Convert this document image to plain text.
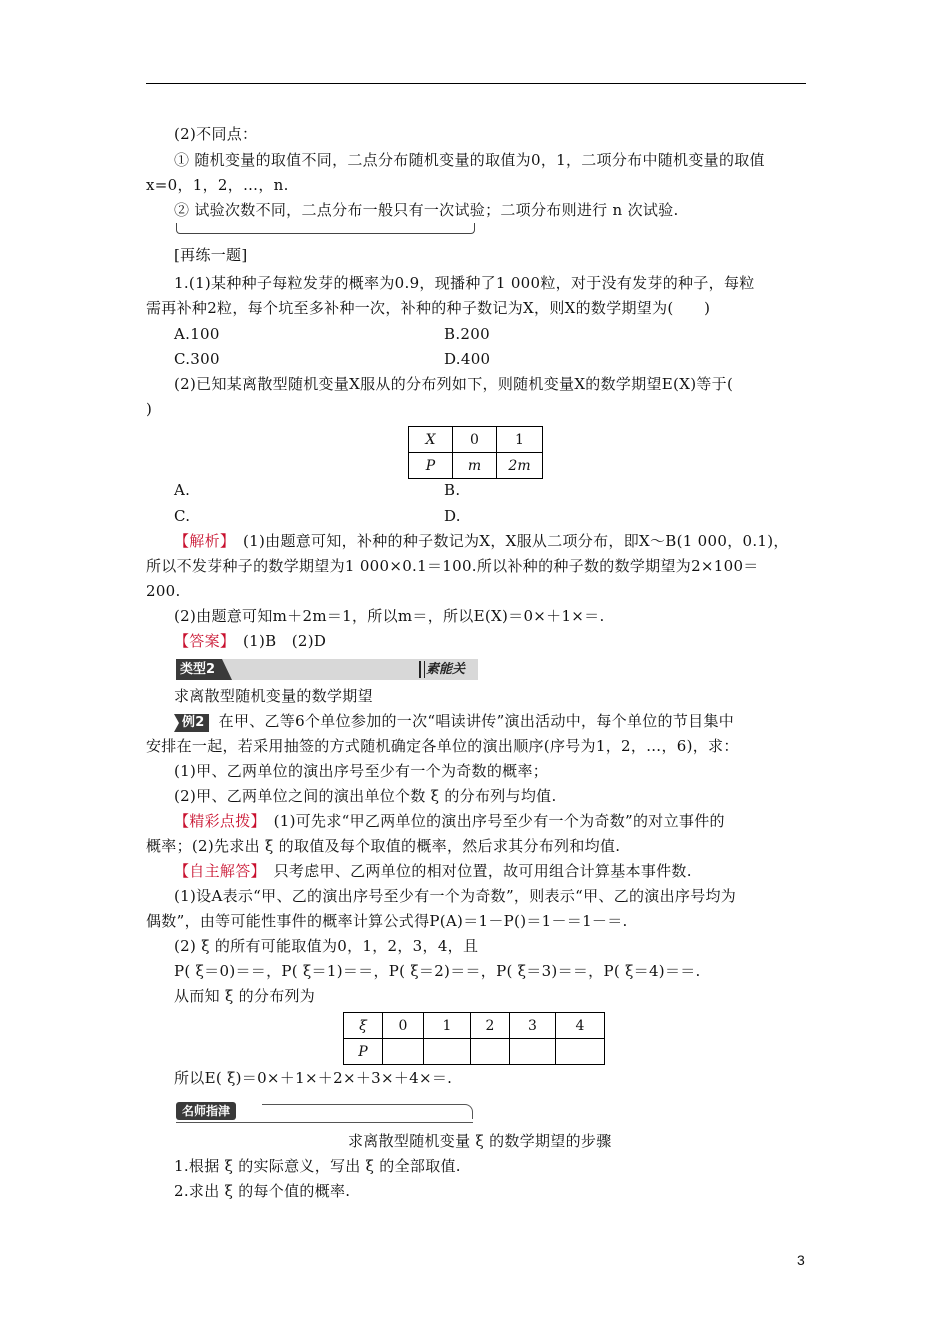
(2)不同点：
① 随机变量的取值不同，二点分布随机变量的取值为0，1，二项分布中随机变量的取值
x=0，1，2，…，n.
② 试验次数不同，二点分布一般只有一次试验；二项分布则进行 n 次试验.
[再练一题]
1.(1)某种种子每粒发芽的概率为0.9，现播种了1 000粒，对于没有发芽的种子，每粒
需再补种2粒，每个坑至多补种一次，补种的种子数记为X，则X的数学期望为(　　)
A.100	B.200
C.300	D.400
(2)已知某离散型随机变量X服从的分布列如下，则随机变量X的数学期望E(X)等于(
)
X	0	1
P	m	2m
A.	B.
C.	D.
【解析】　(1)由题意可知，补种的种子数记为X，X服从二项分布，即X～B(1 000，0.1)，
所以不发芽种子的数学期望为1 000×0.1＝100.所以补种的种子数的数学期望为2×100＝
200.
(2)由题意可知m＋2m＝1，所以m＝，所以E(X)＝0×＋1×＝.
【答案】　(1)B　(2)D
类型2	素能关
求离散型随机变量的数学期望
例2 在甲、乙等6个单位参加的一次“唱读讲传”演出活动中，每个单位的节目集中
安排在一起，若采用抽签的方式随机确定各单位的演出顺序(序号为1，2，…，6)，求：
(1)甲、乙两单位的演出序号至少有一个为奇数的概率；
(2)甲、乙两单位之间的演出单位个数 ξ 的分布列与均值.
【精彩点拨】　(1)可先求“甲乙两单位的演出序号至少有一个为奇数”的对立事件的
概率；(2)先求出 ξ 的取值及每个取值的概率，然后求其分布列和均值.
【自主解答】　只考虑甲、乙两单位的相对位置，故可用组合计算基本事件数.
(1)设A表示“甲、乙的演出序号至少有一个为奇数”，则表示“甲、乙的演出序号均为
偶数”，由等可能性事件的概率计算公式得P(A)＝1－P()＝1－＝1－＝.
(2) ξ 的所有可能取值为0，1，2，3，4，且
P( ξ＝0)＝＝，P( ξ＝1)＝＝，P( ξ＝2)＝＝，P( ξ＝3)＝＝，P( ξ＝4)＝＝.
从而知 ξ 的分布列为
ξ	0	1	2	3	4
P					
所以E( ξ)＝0×＋1×＋2×＋3×＋4×＝.
名师指津
求离散型随机变量 ξ 的数学期望的步骤
1.根据 ξ 的实际意义，写出 ξ 的全部取值.
2.求出 ξ 的每个值的概率.
3
